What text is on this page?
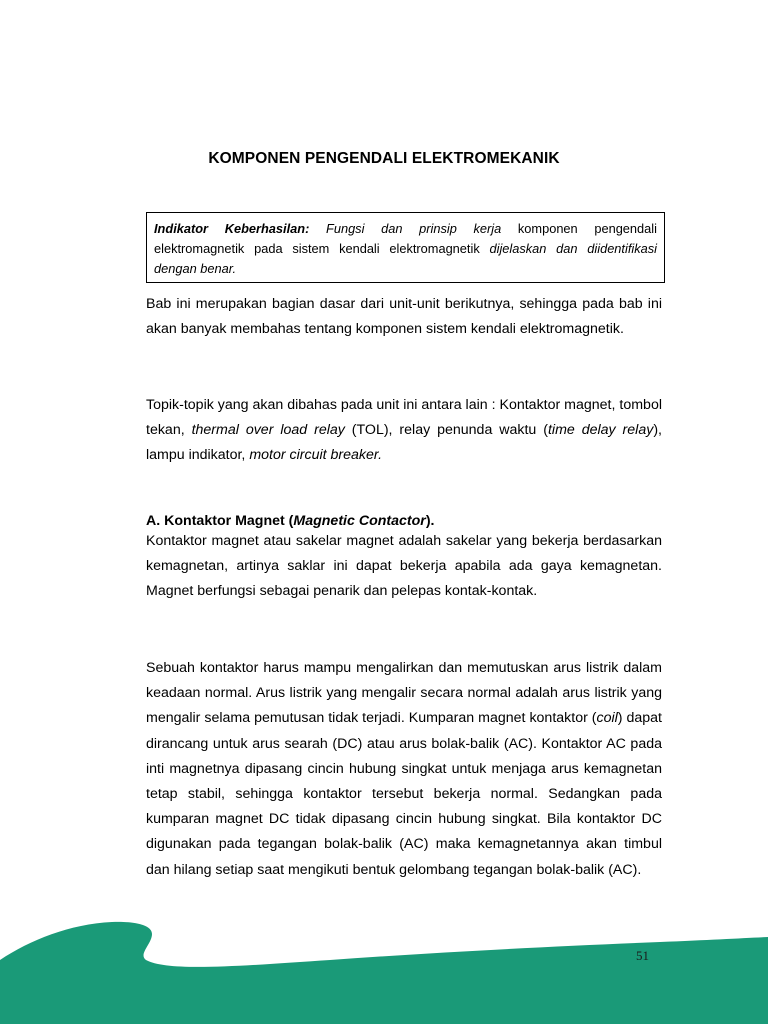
KOMPONEN PENGENDALI ELEKTROMEKANIK
Indikator Keberhasilan: Fungsi dan prinsip kerja komponen pengendali elektromagnetik pada sistem kendali elektromagnetik dijelaskan dan diidentifikasi dengan benar.
Bab ini merupakan bagian dasar dari unit-unit berikutnya, sehingga pada bab ini akan banyak membahas tentang komponen sistem kendali elektromagnetik.
Topik-topik yang akan dibahas pada unit ini antara lain : Kontaktor magnet, tombol tekan, thermal over load relay (TOL), relay penunda waktu (time delay relay), lampu indikator, motor circuit breaker.
A. Kontaktor Magnet (Magnetic Contactor).
Kontaktor magnet atau sakelar magnet adalah sakelar yang bekerja berdasarkan kemagnetan, artinya saklar ini dapat bekerja apabila ada gaya kemagnetan. Magnet berfungsi sebagai penarik dan pelepas kontak-kontak.
Sebuah kontaktor harus mampu mengalirkan dan memutuskan arus listrik dalam keadaan normal. Arus listrik yang mengalir secara normal adalah arus listrik yang mengalir selama pemutusan tidak terjadi. Kumparan magnet kontaktor (coil) dapat dirancang untuk arus searah (DC) atau arus bolak-balik (AC). Kontaktor AC pada inti magnetnya dipasang cincin hubung singkat untuk menjaga arus kemagnetan tetap stabil, sehingga kontaktor tersebut bekerja normal. Sedangkan pada kumparan magnet DC tidak dipasang cincin hubung singkat. Bila kontaktor DC digunakan pada tegangan bolak-balik (AC) maka kemagnetannya akan timbul dan hilang setiap saat mengikuti bentuk gelombang tegangan bolak-balik (AC).
51
